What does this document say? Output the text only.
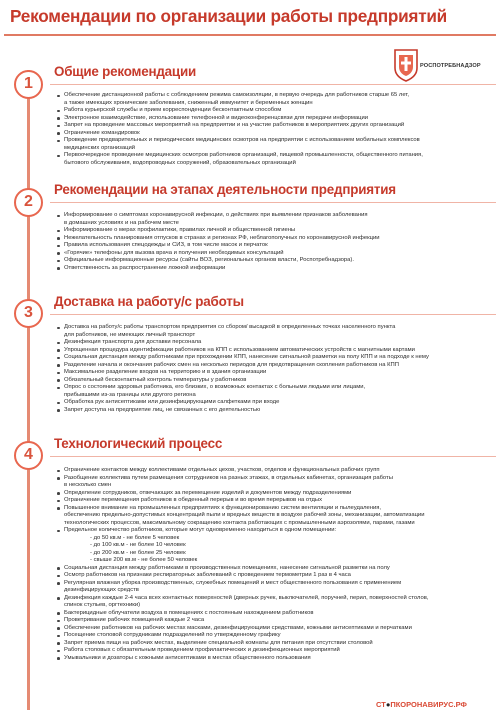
Рекомендации по организации работы предприятий
РОСПОТРЕБНАДЗОР
1
Общие рекомендации
Обеспечение дистанционной работы с соблюдением режима самоизоляции, в первую очередь для работников старше 65 лет,
а также имеющих хронические заболевания, сниженный иммунитет и беременных женщин
Работа курьерской службы и прием корреспонденции бесконтактным способом
Электронное взаимодействие, использование телефонной и видеоконференцсвязи для передачи информации
Запрет на проведение массовых мероприятий на предприятии и на участие работников в мероприятиях других организаций
Ограничение командировок
Проведение предварительных и периодических медицинских осмотров на предприятии с использованием мобильных комплексов
медицинских организаций
Первоочередное проведение медицинских осмотров работников организаций, пищевой промышленности, общественного питания,
бытового обслуживания, водопроводных сооружений, образовательных организаций
2
Рекомендации на этапах деятельности предприятия
Информирование о симптомах коронавирусной инфекции, о действиях при выявлении признаков заболевания
в домашних условиях и на рабочем месте
Информирование о мерах профилактики, правилах личной и общественной гигиены
Нежелательность планирования отпусков в странах и регионах РФ, неблагополучных по коронавирусной инфекции
Правила использования спецодежды и СИЗ, в том числе масок и перчаток
«Горячие» телефоны для вызова врача и получения необходимых консультаций
Официальные информационные ресурсы (сайты ВОЗ, региональных органов власти, Роспотребнадзора).
Ответственность за распространение ложной информации
3
Доставка на работу/с работы
Доставка на работу/с работы транспортом предприятия со сбором/ высадкой в определенных точках населенного пункта
для работников, не имеющих личный транспорт
Дезинфекция транспорта для доставки персонала
Упрощенная процедура идентификации работников на КПП с использованием автоматических устройств с магнитными картами
Социальная дистанция между работниками при прохождении КПП, нанесение сигнальной разметки на полу КПП и на подходе к нему
Разделение начала и окончания рабочих смен на несколько периодов для предотвращения скопления работников на КПП
Максимальное разделение входов на территорию и в здания организации
Обязательный бесконтактный контроль температуры у работников
Опрос о состоянии здоровья работника, его близких, о возможных контактах с больными людьми или лицами,
прибывшими из-за границы или другого региона
Обработка рук антисептиками или дезинфицирующими салфетками при входе
Запрет доступа на предприятие лиц, не связанных с его деятельностью
4
Технологический процесс
Ограничение контактов между коллективами отдельных цехов, участков, отделов и функциональных рабочих групп
Разобщение коллектива путем размещения сотрудников на разных этажах, в отдельных кабинетах, организация работы
в несколько смен
Определение сотрудников, отвечающих за перемещение изделий и документов между подразделениями
Ограничение перемещения работников в обеденный перерыв и во время перерывов на отдых
Повышенное внимание на промышленных предприятиях к функционированию систем вентиляции и пылеудаления,
обеспечению предельно-допустимых концентраций пыли и вредных веществ в воздухе рабочей зоны, механизации, автоматизации
технологических процессов, максимальному сокращению контакта работающих с промышленными аэрозолями, парами, газами
Предельное количество работников, которые могут одновременно находиться в одном помещении:
- до 50 кв.м - не более 5 человек
- до 100 кв.м - не более 10 человек
- до 200 кв.м - не более 25 человек
- свыше 200 кв.м - не более 50 человек
Социальная дистанция между работниками в производственных помещениях, нанесение сигнальной разметки на полу
Осмотр работников на признаки респираторных заболеваний с проведением термометрии 1 раз в 4 часа
Регулярная влажная уборка производственных, служебных помещений и мест общественного пользования с применением
дезинфицирующих средств
Дезинфекция каждые 2-4 часа всех контактных поверхностей (дверных ручек, выключателей, поручней, перил, поверхностей столов,
спинок стульев, оргтехники)
Бактерицидные облучатели воздуха в помещениях с постоянным нахождением работников
Проветривание рабочих помещений каждые 2 часа
Обеспечение работников на рабочих местах масками, дезинфицирующими средствами, кожными антисептиками и перчатками
Посещение столовой сотрудниками подразделений по утвержденному графику
Запрет приема пищи на рабочих местах, выделение специальной комнаты для питания при отсутствии столовой
Работа столовых с обязательным проведением профилактических и дезинфекционных мероприятий
Умывальники и дозаторы с кожными антисептиками в местах общественного пользования
СТ●ПКОРОНАВИРУС.РФ
